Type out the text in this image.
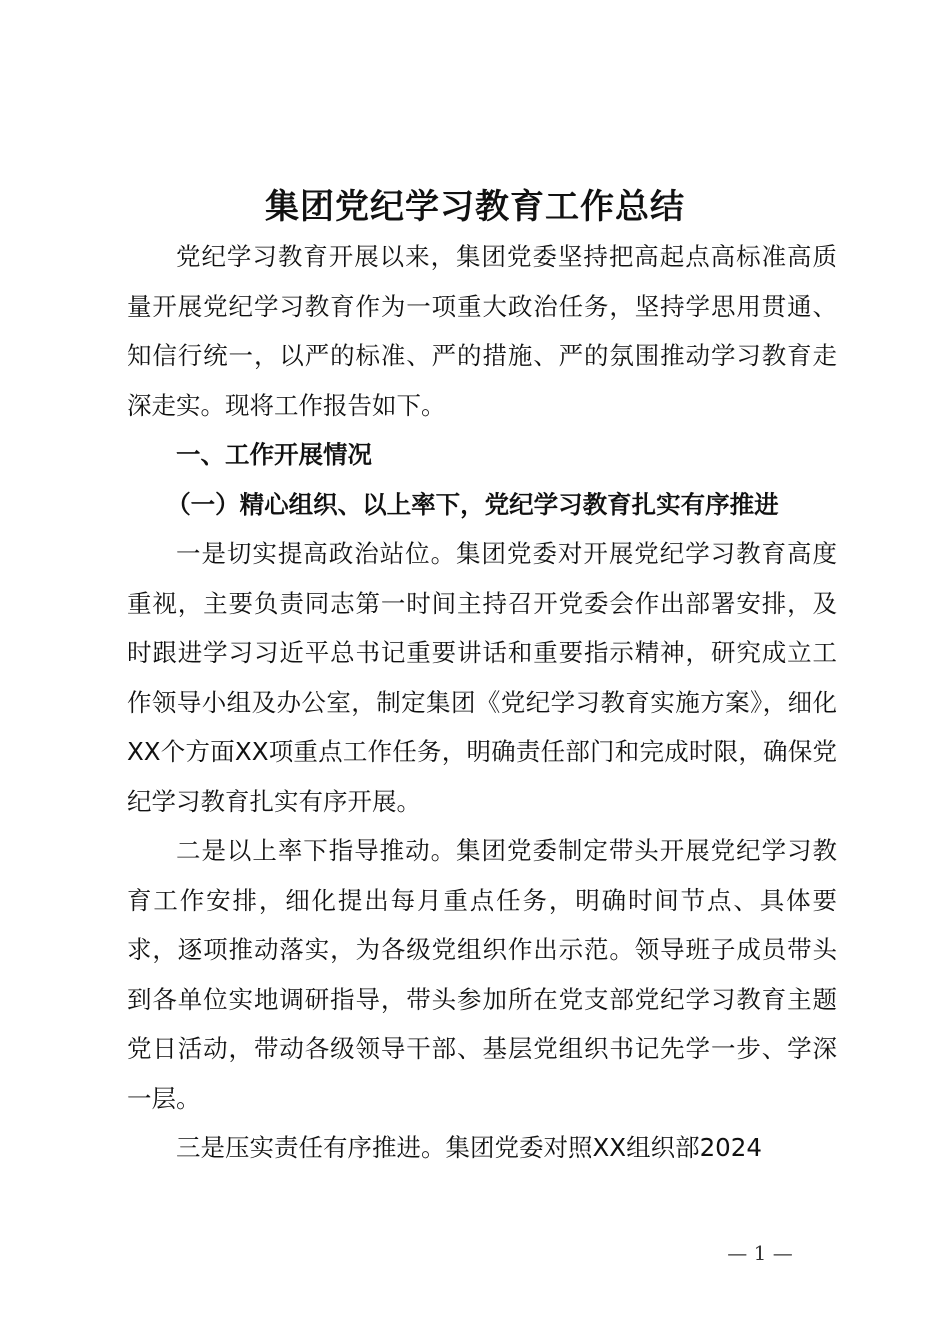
集团党纪学习教育工作总结

党纪学习教育开展以来，集团党委坚持把高起点高标准高质量开展党纪学习教育作为一项重大政治任务，坚持学思用贯通、知信行统一，以严的标准、严的措施、严的氛围推动学习教育走深走实。现将工作报告如下。

一、工作开展情况

（一）精心组织、以上率下，党纪学习教育扎实有序推进

一是切实提高政治站位。集团党委对开展党纪学习教育高度重视，主要负责同志第一时间主持召开党委会作出部署安排，及时跟进学习习近平总书记重要讲话和重要指示精神，研究成立工作领导小组及办公室，制定集团《党纪学习教育实施方案》，细化XX个方面XX项重点工作任务，明确责任部门和完成时限，确保党纪学习教育扎实有序开展。

二是以上率下指导推动。集团党委制定带头开展党纪学习教育工作安排，细化提出每月重点任务，明确时间节点、具体要求，逐项推动落实，为各级党组织作出示范。领导班子成员带头到各单位实地调研指导，带头参加所在党支部党纪学习教育主题党日活动，带动各级领导干部、基层党组织书记先学一步、学深一层。

三是压实责任有序推进。集团党委对照XX组织部2024

— 1 —
